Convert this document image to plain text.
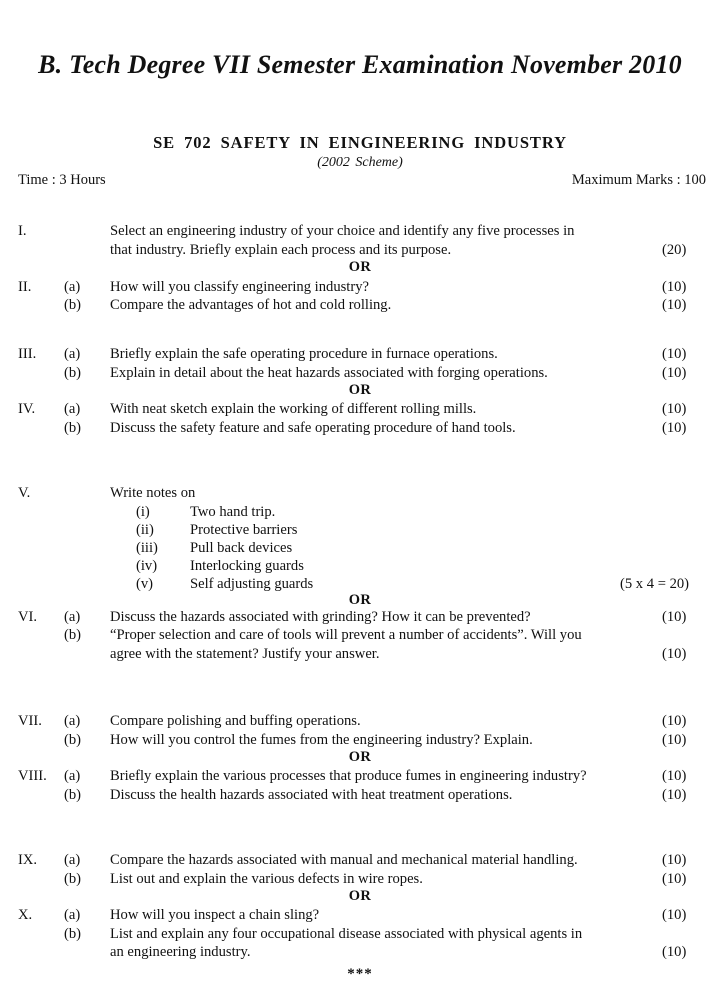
B. Tech Degree VII Semester Examination November 2010
SE 702 SAFETY IN EINGINEERING INDUSTRY
(2002 Scheme)
Time : 3 Hours	Maximum Marks : 100
I.	Select an engineering industry of your choice and identify any five processes in
that industry. Briefly explain each process and its purpose.	(20)
OR
II.	(a)	How will you classify engineering industry?	(10)
(b)	Compare the advantages of hot and cold rolling.	(10)
III.	(a)	Briefly explain the safe operating procedure in furnace operations.	(10)
(b)	Explain in detail about the heat hazards associated with forging operations.	(10)
OR
IV.	(a)	With neat sketch explain the working of different rolling mills.	(10)
(b)	Discuss the safety feature and safe operating procedure of hand tools.	(10)
V.	Write notes on
(i)	Two hand trip.
(ii)	Protective barriers
(iii)	Pull back devices
(iv)	Interlocking guards
(v)	Self adjusting guards	(5 x 4 = 20)
OR
VI.	(a)	Discuss the hazards associated with grinding? How it can be prevented?	(10)
(b)	“Proper selection and care of tools will prevent a number of accidents”. Will you
agree with the statement? Justify your answer.	(10)
VII.	(a)	Compare polishing and buffing operations.	(10)
(b)	How will you control the fumes from the engineering industry? Explain.	(10)
OR
VIII.	(a)	Briefly explain the various processes that produce fumes in engineering industry?	(10)
(b)	Discuss the health hazards associated with heat treatment operations.	(10)
IX.	(a)	Compare the hazards associated with manual and mechanical material handling.	(10)
(b)	List out and explain the various defects in wire ropes.	(10)
OR
X.	(a)	How will you inspect a chain sling?	(10)
(b)	List and explain any four occupational disease associated with physical agents in
an engineering industry.	(10)
***
